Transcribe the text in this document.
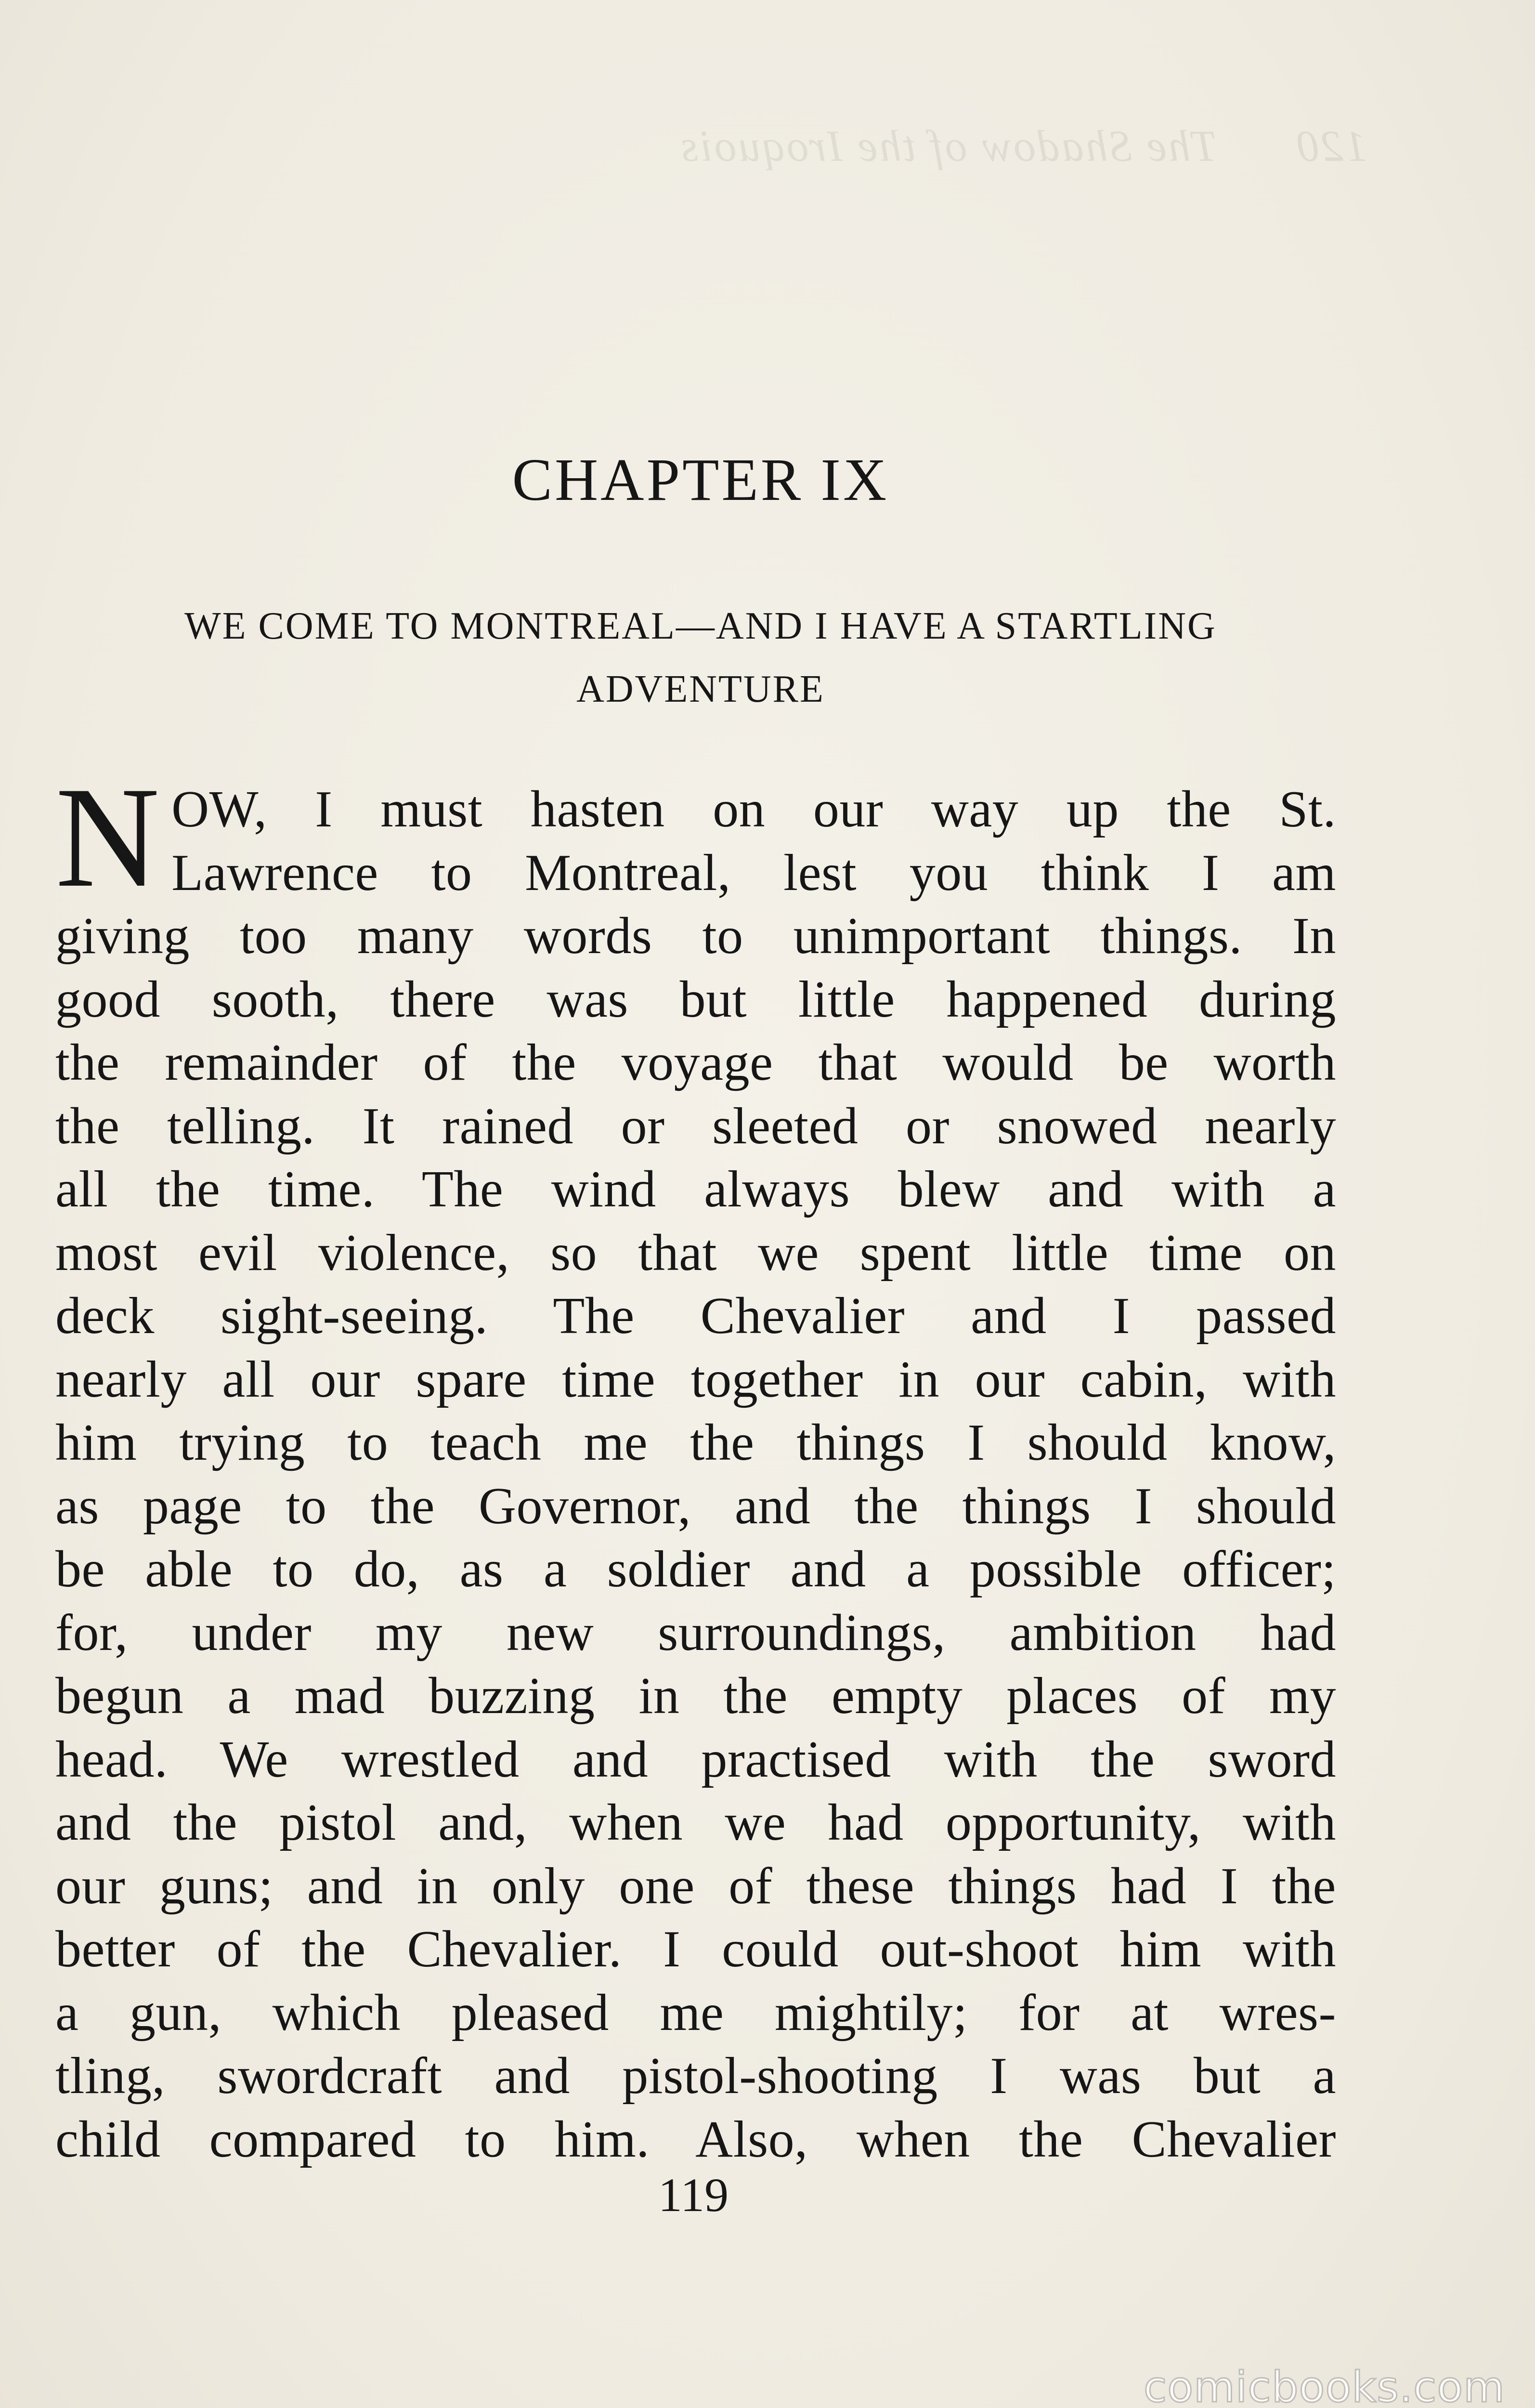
120      The Shadow of the Iroquois
CHAPTER IX
WE COME TO MONTREAL—AND I HAVE A STARTLING
ADVENTURE
N OW, I must hasten on our way up the St.
Lawrence to Montreal, lest you think I am
giving too many words to unimportant things. In
good sooth, there was but little happened during
the remainder of the voyage that would be worth
the telling. It rained or sleeted or snowed nearly
all the time. The wind always blew and with a
most evil violence, so that we spent little time on
deck sight-seeing. The Chevalier and I passed
nearly all our spare time together in our cabin, with
him trying to teach me the things I should know,
as page to the Governor, and the things I should
be able to do, as a soldier and a possible officer;
for, under my new surroundings, ambition had
begun a mad buzzing in the empty places of my
head. We wrestled and practised with the sword
and the pistol and, when we had opportunity, with
our guns; and in only one of these things had I the
better of the Chevalier. I could out-shoot him with
a gun, which pleased me mightily; for at wres-
tling, swordcraft and pistol-shooting I was but a
child compared to him. Also, when the Chevalier
119
comicbooks.com
